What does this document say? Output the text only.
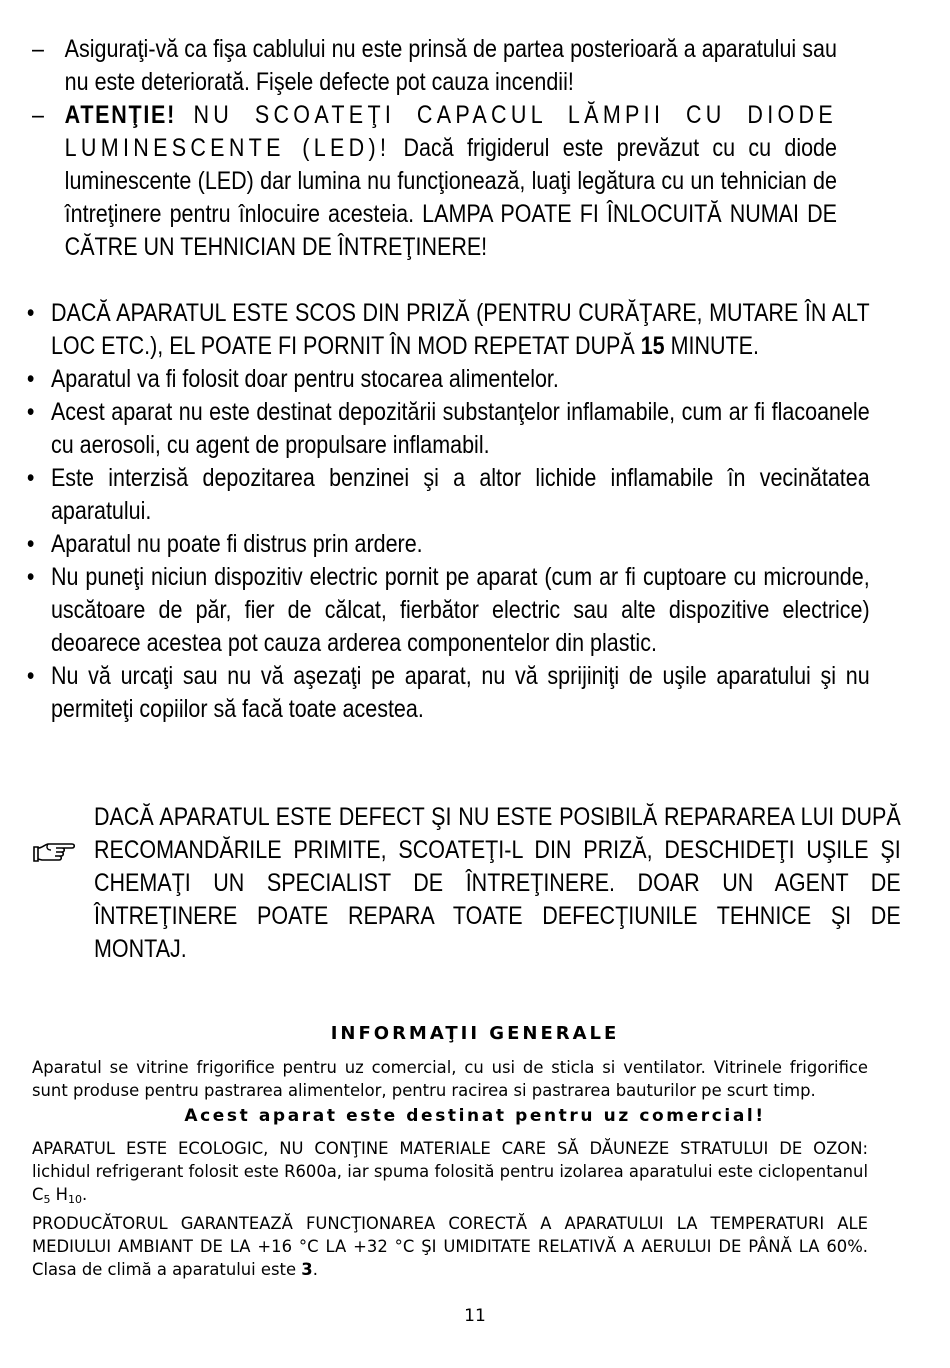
– Asiguraţi-vă ca fişa cablului nu este prinsă de partea posterioară a aparatului sau nu este deteriorată. Fişele defecte pot cauza incendii!
– ATENŢIE! NU SCOATEŢI CAPACUL LĂMPII CU DIODE LUMINESCENTE (LED)! Dacă frigiderul este prevăzut cu cu diode luminescente (LED) dar lumina nu funcţionează, luaţi legătura cu un tehnician de întreţinere pentru înlocuire acesteia. LAMPA POATE FI ÎNLOCUITĂ NUMAI DE CĂTRE UN TEHNICIAN DE ÎNTREŢINERE!
• DACĂ APARATUL ESTE SCOS DIN PRIZĂ (PENTRU CURĂŢARE, MUTARE ÎN ALT LOC ETC.), EL POATE FI PORNIT ÎN MOD REPETAT DUPĂ 15 MINUTE.
• Aparatul va fi folosit doar pentru stocarea alimentelor.
• Acest aparat nu este destinat depozitării substanţelor inflamabile, cum ar fi flacoanele cu aerosoli, cu agent de propulsare inflamabil.
• Este interzisă depozitarea benzinei şi a altor lichide inflamabile în vecinătatea aparatului.
• Aparatul nu poate fi distrus prin ardere.
• Nu puneţi niciun dispozitiv electric pornit pe aparat (cum ar fi cuptoare cu microunde, uscătoare de păr, fier de călcat, fierbător electric sau alte dispozitive electrice) deoarece acestea pot cauza arderea componentelor din plastic.
• Nu vă urcaţi sau nu vă aşezaţi pe aparat, nu vă sprijiniţi de uşile aparatului şi nu permiteţi copiilor să facă toate acestea.
DACĂ APARATUL ESTE DEFECT ŞI NU ESTE POSIBILĂ REPARAREA LUI DUPĂ RECOMANDĂRILE PRIMITE, SCOATEŢI-L DIN PRIZĂ, DESCHIDEŢI UŞILE ŞI CHEMAŢI UN SPECIALIST DE ÎNTREŢINERE. DOAR UN AGENT DE ÎNTREŢINERE POATE REPARA TOATE DEFECŢIUNILE TEHNICE ŞI DE MONTAJ.
INFORMAŢII GENERALE
Aparatul se vitrine frigorifice pentru uz comercial, cu usi de sticla si ventilator. Vitrinele frigorifice sunt produse pentru pastrarea alimentelor, pentru racirea si pastrarea bauturilor pe scurt timp.
Acest aparat este destinat pentru uz comercial!
APARATUL ESTE ECOLOGIC, NU CONŢINE MATERIALE CARE SĂ DĂUNEZE STRATULUI DE OZON: lichidul refrigerant folosit este R600a, iar spuma folosită pentru izolarea aparatului este ciclopentanul $C_5$ $H_{10}$.
PRODUCĂTORUL GARANTEAZĂ FUNCŢIONAREA CORECTĂ A APARATULUI LA TEMPERATURI ALE MEDIULUI AMBIANT DE LA +16 °C LA +32 °C ŞI UMIDITATE RELATIVĂ A AERULUI DE PÂNĂ LA 60%. Clasa de climă a aparatului este 3.
11
